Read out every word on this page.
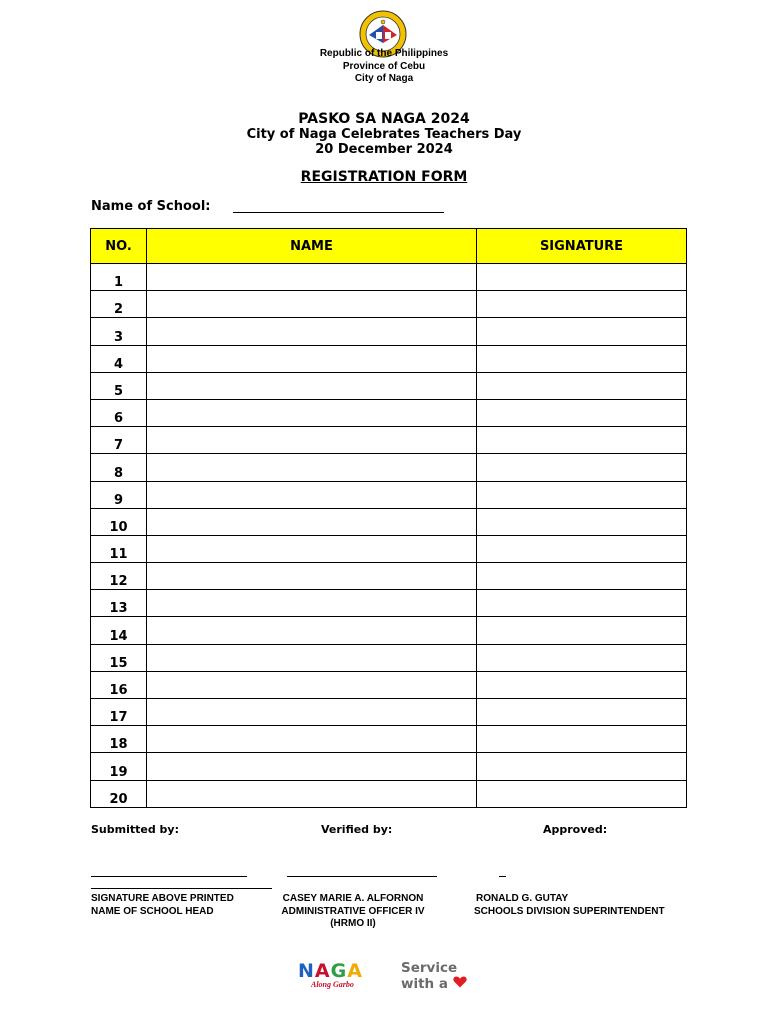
Republic of the Philippines
Province of Cebu
City of Naga
PASKO SA NAGA 2024
City of Naga Celebrates Teachers Day
20 December 2024
REGISTRATION FORM
Name of School:
NO.	NAME	SIGNATURE
1		
2		
3		
4		
5		
6		
7		
8		
9		
10		
11		
12		
13		
14		
15		
16		
17		
18		
19		
20		
Submitted by:	Verified by:	Approved:
SIGNATURE ABOVE PRINTED
NAME OF SCHOOL HEAD
CASEY MARIE A. ALFORNON
ADMINISTRATIVE OFFICER IV
(HRMO II)
RONALD G. GUTAY
SCHOOLS DIVISION SUPERINTENDENT
NAGA
Along Garbo
Service
with a
